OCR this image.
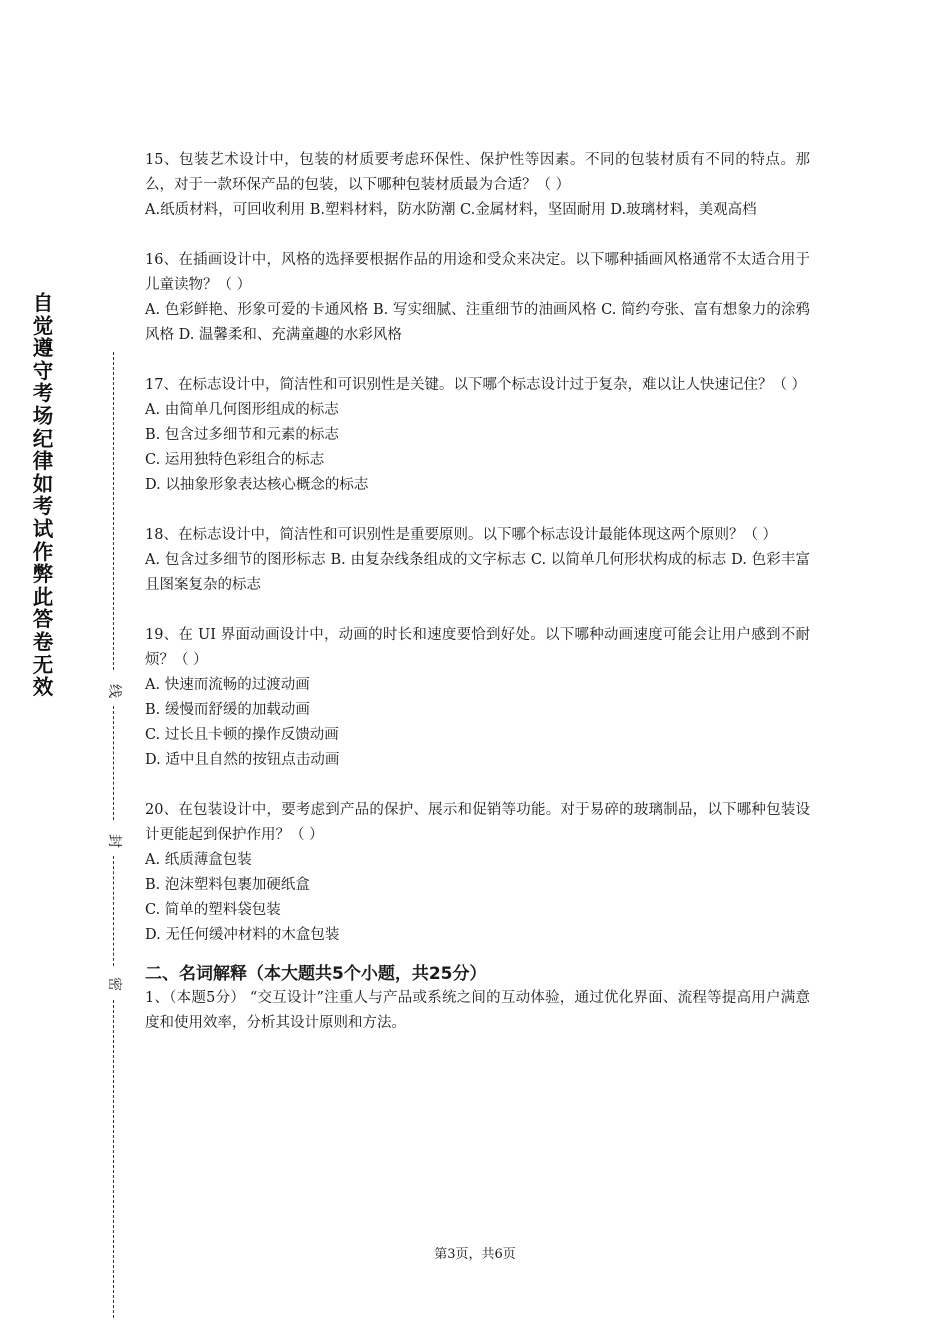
自觉遵守考场纪律如考试作弊此答卷无效	线
封
密

15、包装艺术设计中，包装的材质要考虑环保性、保护性等因素。不同的包装材质有不同的特点。那么，对于一款环保产品的包装，以下哪种包装材质最为合适？（ ）

A.纸质材料，可回收利用 B.塑料材料，防水防潮 C.金属材料，坚固耐用 D.玻璃材料，美观高档

16、在插画设计中，风格的选择要根据作品的用途和受众来决定。以下哪种插画风格通常不太适合用于儿童读物？（ ）

A. 色彩鲜艳、形象可爱的卡通风格 B. 写实细腻、注重细节的油画风格 C. 简约夸张、富有想象力的涂鸦风格 D. 温馨柔和、充满童趣的水彩风格

17、在标志设计中，简洁性和可识别性是关键。以下哪个标志设计过于复杂，难以让人快速记住？（ ）

A. 由简单几何图形组成的标志
B. 包含过多细节和元素的标志
C. 运用独特色彩组合的标志
D. 以抽象形象表达核心概念的标志

18、在标志设计中，简洁性和可识别性是重要原则。以下哪个标志设计最能体现这两个原则？（ ）

A. 包含过多细节的图形标志 B. 由复杂线条组成的文字标志 C. 以简单几何形状构成的标志 D. 色彩丰富且图案复杂的标志

19、在 UI 界面动画设计中，动画的时长和速度要恰到好处。以下哪种动画速度可能会让用户感到不耐烦？（ ）

A. 快速而流畅的过渡动画
B. 缓慢而舒缓的加载动画
C. 过长且卡顿的操作反馈动画
D. 适中且自然的按钮点击动画

20、在包装设计中，要考虑到产品的保护、展示和促销等功能。对于易碎的玻璃制品，以下哪种包装设计更能起到保护作用？（ ）

A. 纸质薄盒包装
B. 泡沫塑料包裹加硬纸盒
C. 简单的塑料袋包装
D. 无任何缓冲材料的木盒包装
二、名词解释（本大题共5个小题，共25分）

1、（本题5分） “交互设计”注重人与产品或系统之间的互动体验，通过优化界面、流程等提高用户满意度和使用效率，分析其设计原则和方法。

第3页，共6页
